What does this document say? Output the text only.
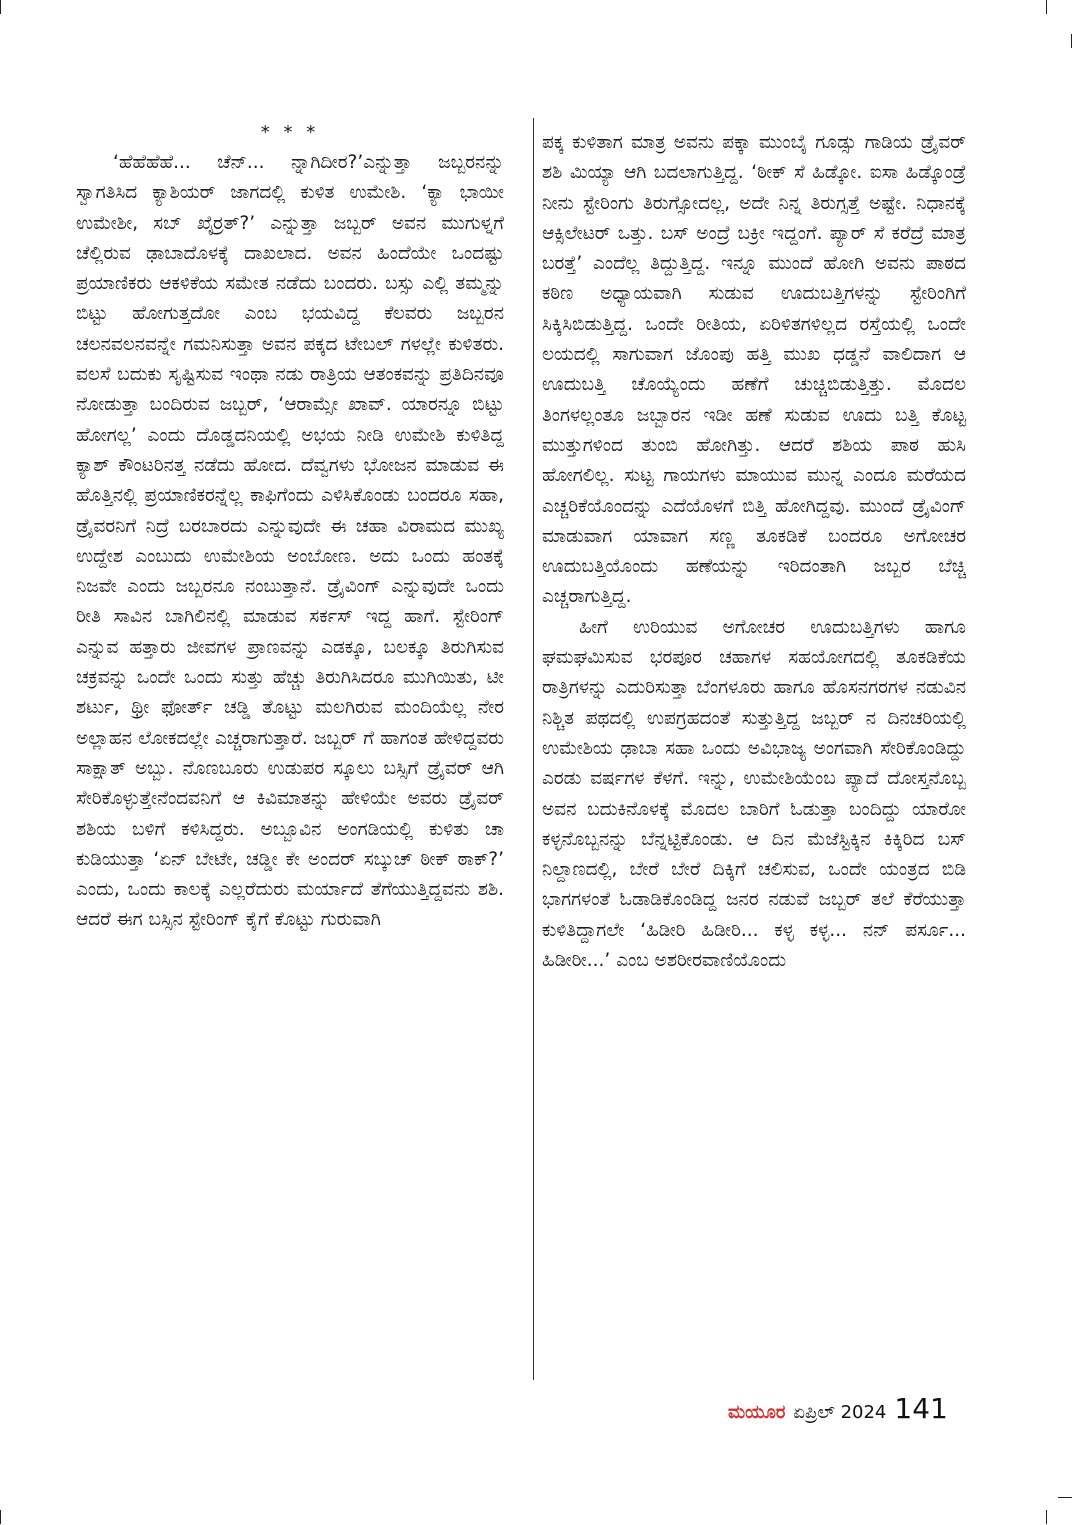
* * *

‘ಹೆಹೆಹೆಹೆ... ಚೆನ್... ನ್ನಾಗಿದೀರ?’ಎನ್ನುತ್ತಾ ಜಬ್ಬರನನ್ನು ಸ್ವಾಗತಿಸಿದ ಕ್ಯಾಶಿಯರ್ ಜಾಗದಲ್ಲಿ ಕುಳಿತ ಉಮೇಶಿ. ‘ಕ್ಯಾ ಭಾಯೀ ಉಮೇಶೀ, ಸಬ್ ಖೈರ್ರತ್?’ ಎನ್ನುತ್ತಾ ಜಬ್ಬರ್ ಅವನ ಮುಗುಳ್ನಗೆ ಚೆಲ್ಲಿರುವ ಢಾಬಾದೊಳಕ್ಕೆ ದಾಖಲಾದ. ಅವನ ಹಿಂದೆಯೇ ಒಂದಷ್ಟು ಪ್ರಯಾಣಿಕರು ಆಕಳಿಕೆಯ ಸಮೇತ ನಡೆದು ಬಂದರು. ಬಸ್ಸು ಎಲ್ಲಿ ತಮ್ಮನ್ನು ಬಿಟ್ಟು ಹೋಗುತ್ತದೋ ಎಂಬ ಭಯವಿದ್ದ ಕೆಲವರು ಜಬ್ಬರನ ಚಲನವಲನವನ್ನೇ ಗಮನಿಸುತ್ತಾ ಅವನ ಪಕ್ಕದ ಟೇಬಲ್ ಗಳಲ್ಲೇ ಕುಳಿತರು. ವಲಸೆ ಬದುಕು ಸೃಷ್ಟಿಸುವ ಇಂಥಾ ನಡು ರಾತ್ರಿಯ ಆತಂಕವನ್ನು ಪ್ರತಿದಿನವೂ ನೋಡುತ್ತಾ ಬಂದಿರುವ ಜಬ್ಬರ್, ‘ಆರಾಮ್ಸೇ ಖಾವ್. ಯಾರನ್ನೂ ಬಿಟ್ಟು ಹೋಗಲ್ಲ’ ಎಂದು ದೊಡ್ಡದನಿಯಲ್ಲಿ ಅಭಯ ನೀಡಿ ಉಮೇಶಿ ಕುಳಿತಿದ್ದ ಕ್ಯಾಶ್ ಕೌಂಟರಿನತ್ತ ನಡೆದು ಹೋದ. ದೆವ್ವಗಳು ಭೋಜನ ಮಾಡುವ ಈ ಹೊತ್ತಿನಲ್ಲಿ ಪ್ರಯಾಣಿಕರನ್ನೆಲ್ಲ ಕಾಫಿಗೆಂದು ಎಳಿಸಿಕೊಂಡು ಬಂದರೂ ಸಹಾ, ಡ್ರೈವರನಿಗೆ ನಿದ್ರೆ ಬರಬಾರದು ಎನ್ನುವುದೇ ಈ ಚಹಾ ವಿರಾಮದ ಮುಖ್ಯ ಉದ್ದೇಶ ಎಂಬುದು ಉಮೇಶಿಯ ಅಂಬೋಣ. ಅದು ಒಂದು ಹಂತಕ್ಕೆ ನಿಜವೇ ಎಂದು ಜಬ್ಬರನೂ ನಂಬುತ್ತಾನೆ. ಡ್ರೈವಿಂಗ್ ಎನ್ನುವುದೇ ಒಂದು ರೀತಿ ಸಾವಿನ ಬಾಗಿಲಿನಲ್ಲಿ ಮಾಡುವ ಸರ್ಕಸ್ ಇದ್ದ ಹಾಗೆ. ಸ್ಟೇರಿಂಗ್ ಎನ್ನುವ ಹತ್ತಾರು ಜೀವಗಳ ಪ್ರಾಣವನ್ನು ಎಡಕ್ಕೂ, ಬಲಕ್ಕೂ ತಿರುಗಿಸುವ ಚಕ್ರವನ್ನು ಒಂದೇ ಒಂದು ಸುತ್ತು ಹೆಚ್ಚು ತಿರುಗಿಸಿದರೂ ಮುಗಿಯಿತು, ಟೀ ಶರ್ಟು, ಥ್ರೀ ಫೋರ್ತ್ ಚಡ್ಡಿ ತೊಟ್ಟು ಮಲಗಿರುವ ಮಂದಿಯೆಲ್ಲ ನೇರ ಅಲ್ಲಾಹನ ಲೋಕದಲ್ಲೇ ಎಚ್ಚರಾಗುತ್ತಾರೆ. ಜಬ್ಬರ್ ಗೆ ಹಾಗಂತ ಹೇಳಿದ್ದವರು ಸಾಕ್ಷಾತ್ ಅಬ್ಬು. ನೊಣಬೂರು ಉಡುಪರ ಸ್ಕೂಲು ಬಸ್ಸಿಗೆ ಡ್ರೈವರ್ ಆಗಿ ಸೇರಿಕೊಳ್ಳುತ್ತೇನೆಂದವನಿಗೆ ಆ ಕಿವಿಮಾತನ್ನು ಹೇಳಿಯೇ ಅವರು ಡ್ರೈವರ್ ಶಶಿಯ ಬಳಿಗೆ ಕಳಿಸಿದ್ದರು. ಅಬ್ಬೂವಿನ ಅಂಗಡಿಯಲ್ಲಿ ಕುಳಿತು ಚಾ ಕುಡಿಯುತ್ತಾ ‘ಏನ್ ಬೇಟೇ, ಚಡ್ಡೀ ಕೇ ಅಂದರ್ ಸಬ್ಕುಚ್ ಠೀಕ್ ಠಾಕ್?’ ಎಂದು, ಒಂದು ಕಾಲಕ್ಕೆ ಎಲ್ಲರೆದುರು ಮರ್ಯಾದೆ ತೆಗೆಯುತ್ತಿದ್ದವನು ಶಶಿ. ಆದರೆ ಈಗ ಬಸ್ಸಿನ ಸ್ಟೇರಿಂಗ್ ಕೈಗೆ ಕೊಟ್ಟು ಗುರುವಾಗಿ

ಪಕ್ಕ ಕುಳಿತಾಗ ಮಾತ್ರ ಅವನು ಪಕ್ಕಾ ಮುಂಬೈ ಗೂಡ್ಸು ಗಾಡಿಯ ಡ್ರೈವರ್ ಶಶಿ ಮಿಯ್ಯಾ ಆಗಿ ಬದಲಾಗುತ್ತಿದ್ದ. ‘ಠೀಕ್ ಸೆ ಹಿಡ್ಕೋ. ಐಸಾ ಹಿಡ್ಕೊಂಡ್ರೆ ನೀನು ಸ್ಟೇರಿಂಗು ತಿರುಗ್ಸೋದಲ್ಲ, ಅದೇ ನಿನ್ನ ತಿರುಗ್ಸತ್ತೆ ಅಷ್ಟೇ. ನಿಧಾನಕ್ಕೆ ಆಕ್ಸಿಲೇಟರ್ ಒತ್ತು. ಬಸ್ ಅಂದ್ರೆ ಬಕ್ರೀ ಇದ್ದಂಗೆ. ಪ್ಯಾರ್ ಸೆ ಕರೆದ್ರೆ ಮಾತ್ರ ಬರತ್ತೆ’ ಎಂದೆಲ್ಲ ತಿದ್ದುತ್ತಿದ್ದ. ಇನ್ನೂ ಮುಂದೆ ಹೋಗಿ ಅವನು ಪಾಠದ ಕಠಿಣ ಅಧ್ಯಾಯವಾಗಿ ಸುಡುವ ಊದುಬತ್ತಿಗಳನ್ನು ಸ್ಟೇರಿಂಗಿಗೆ ಸಿಕ್ಕಿಸಿಬಿಡುತ್ತಿದ್ದ. ಒಂದೇ ರೀತಿಯ, ಏರಿಳಿತಗಳಿಲ್ಲದ ರಸ್ತೆಯಲ್ಲಿ ಒಂದೇ ಲಯದಲ್ಲಿ ಸಾಗುವಾಗ ಜೊಂಪು ಹತ್ತಿ ಮುಖ ಧಡ್ಡನೆ ವಾಲಿದಾಗ ಆ ಊದುಬತ್ತಿ ಚೊಯ್ಯೆಂದು ಹಣೆಗೆ ಚುಚ್ಚಿಬಿಡುತ್ತಿತ್ತು. ಮೊದಲ ತಿಂಗಳಲ್ಲಂತೂ ಜಬ್ಬಾರನ ಇಡೀ ಹಣೆ ಸುಡುವ ಊದು ಬತ್ತಿ ಕೊಟ್ಟ ಮುತ್ತುಗಳಿಂದ ತುಂಬಿ ಹೋಗಿತ್ತು. ಆದರೆ ಶಶಿಯ ಪಾಠ ಹುಸಿ ಹೋಗಲಿಲ್ಲ. ಸುಟ್ಟ ಗಾಯಗಳು ಮಾಯುವ ಮುನ್ನ ಎಂದೂ ಮರೆಯದ ಎಚ್ಚರಿಕೆಯೊಂದನ್ನು ಎದೆಯೊಳಗೆ ಬಿತ್ತಿ ಹೋಗಿದ್ದವು. ಮುಂದೆ ಡ್ರೈವಿಂಗ್ ಮಾಡುವಾಗ ಯಾವಾಗ ಸಣ್ಣ ತೂಕಡಿಕೆ ಬಂದರೂ ಅಗೋಚರ ಊದುಬತ್ತಿಯೊಂದು ಹಣೆಯನ್ನು ಇರಿದಂತಾಗಿ ಜಬ್ಬರ ಬೆಚ್ಚಿ ಎಚ್ಚರಾಗುತ್ತಿದ್ದ.

ಹೀಗೆ ಉರಿಯುವ ಅಗೋಚರ ಊದುಬತ್ತಿಗಳು ಹಾಗೂ ಘಮಘಮಿಸುವ ಭರಪೂರ ಚಹಾಗಳ ಸಹಯೋಗದಲ್ಲಿ ತೂಕಡಿಕೆಯ ರಾತ್ರಿಗಳನ್ನು ಎದುರಿಸುತ್ತಾ ಬೆಂಗಳೂರು ಹಾಗೂ ಹೊಸನಗರಗಳ ನಡುವಿನ ನಿಶ್ಚಿತ ಪಥದಲ್ಲಿ ಉಪಗ್ರಹದಂತೆ ಸುತ್ತುತ್ತಿದ್ದ ಜಬ್ಬರ್ ನ ದಿನಚರಿಯಲ್ಲಿ ಉಮೇಶಿಯ ಢಾಬಾ ಸಹಾ ಒಂದು ಅವಿಭಾಜ್ಯ ಅಂಗವಾಗಿ ಸೇರಿಕೊಂಡಿದ್ದು ಎರಡು ವರ್ಷಗಳ ಕೆಳಗೆ. ಇನ್ನು, ಉಮೇಶಿಯೆಂಬ ಪ್ಯಾದೆ ದೋಸ್ತನೊಬ್ಬ ಅವನ ಬದುಕಿನೊಳಕ್ಕೆ ಮೊದಲ ಬಾರಿಗೆ ಓಡುತ್ತಾ ಬಂದಿದ್ದು ಯಾರೋ ಕಳ್ಳನೊಬ್ಬನನ್ನು ಬೆನ್ನಟ್ಟಿಕೊಂಡು. ಆ ದಿನ ಮೆಜೆಸ್ಟಿಕ್ಕಿನ ಕಿಕ್ಕಿರಿದ ಬಸ್ ನಿಲ್ದಾಣದಲ್ಲಿ, ಬೇರೆ ಬೇರೆ ದಿಕ್ಕಿಗೆ ಚಲಿಸುವ, ಒಂದೇ ಯಂತ್ರದ ಬಿಡಿ ಭಾಗಗಳಂತೆ ಓಡಾಡಿಕೊಂಡಿದ್ದ ಜನರ ನಡುವೆ ಜಬ್ಬರ್ ತಲೆ ಕೆರೆಯುತ್ತಾ ಕುಳಿತಿದ್ದಾಗಲೇ ‘ಹಿಡೀರಿ ಹಿಡೀರಿ... ಕಳ್ಳ ಕಳ್ಳ... ನನ್ ಪರ್ಸೂ... ಹಿಡೀರೀ...’ ಎಂಬ ಅಶರೀರವಾಣಿಯೊಂದು

ಮಯೂರ ಏಪ್ರಿಲ್ 2024 141
